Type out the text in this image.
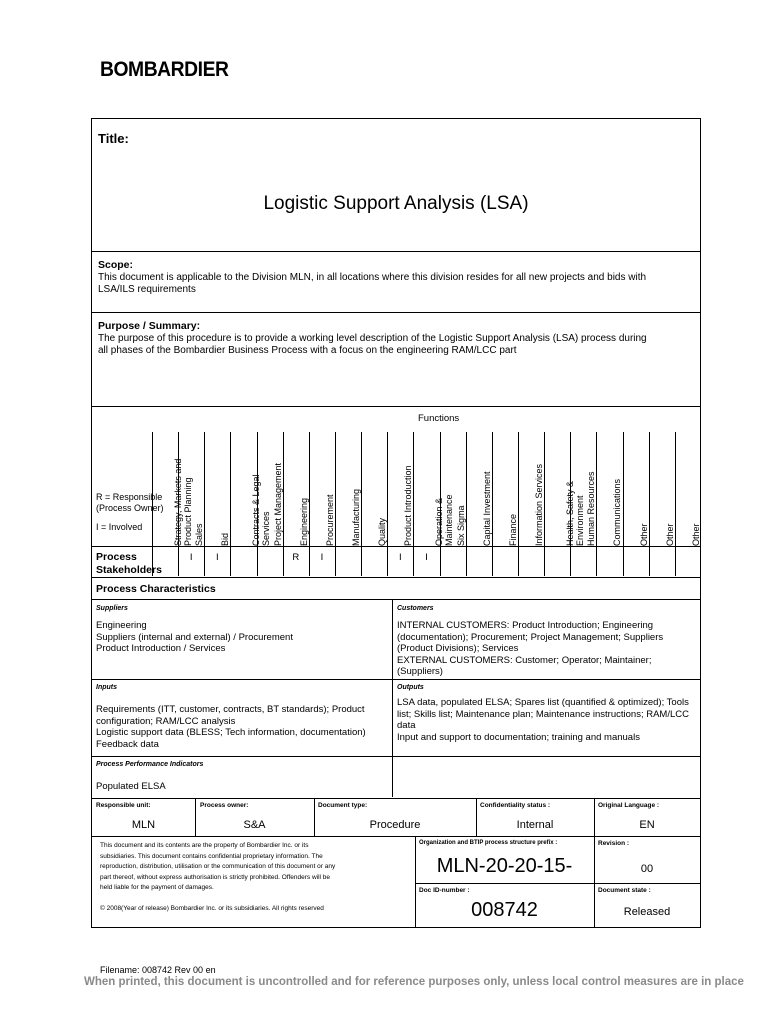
BOMBARDIER
Title:
Logistic Support Analysis (LSA)
Scope:
This document is applicable to the Division MLN, in all locations where this division resides for all new projects and bids with
LSA/ILS requirements
Purpose / Summary:
The purpose of this procedure is to provide a working level description of the Logistic Support Analysis (LSA) process during
all phases of the Bombardier Business Process with a focus on the engineering RAM/LCC part
Functions
R = Responsible
(Process Owner)
I = Involved
Process
Stakeholders
Strategy, Markets and Product Planning Sales
I
Bid
I
Contracts & Legal Services Project Management Engineering
R
Procurement
I
Manufacturing Quality Product Introduction
I
Operation & Maintenance
I
Six Sigma Capital Investment Finance Information Services Health, Safety & Environment Human Resources Communications Other Other Other
Process Characteristics
Suppliers
Engineering
Suppliers (internal and external) / Procurement
Product Introduction / Services
Customers
INTERNAL CUSTOMERS: Product Introduction; Engineering
(documentation); Procurement; Project Management; Suppliers
(Product Divisions); Services
EXTERNAL CUSTOMERS: Customer; Operator; Maintainer;
(Suppliers)
Inputs
Requirements (ITT, customer, contracts, BT standards); Product
configuration; RAM/LCC analysis
Logistic support data (BLESS; Tech information, documentation)
Feedback data
Outputs
LSA data, populated ELSA; Spares list (quantified & optimized); Tools
list; Skills list; Maintenance plan; Maintenance instructions; RAM/LCC
data
Input and support to documentation; training and manuals
Process Performance Indicators
Populated ELSA
Responsible unit:
MLN
Process owner:
S&A
Document type:
Procedure
Confidentiality status :
Internal
Original Language :
EN
This document and its contents are the property of Bombardier Inc. or its
subsidiaries. This document contains confidential proprietary information. The
reproduction, distribution, utilisation or the communication of this document or any
part thereof, without express authorisation is strictly prohibited. Offenders will be
held liable for the payment of damages.
© 2008(Year of release) Bombardier Inc. or its subsidiaries. All rights reserved
Organization and BTIP process structure prefix :
MLN-20-20-15-
Revision :
00
Doc ID-number :
008742
Document state :
Released
Filename: 008742 Rev 00 en
When printed, this document is uncontrolled and for reference purposes only, unless local control measures are in place
